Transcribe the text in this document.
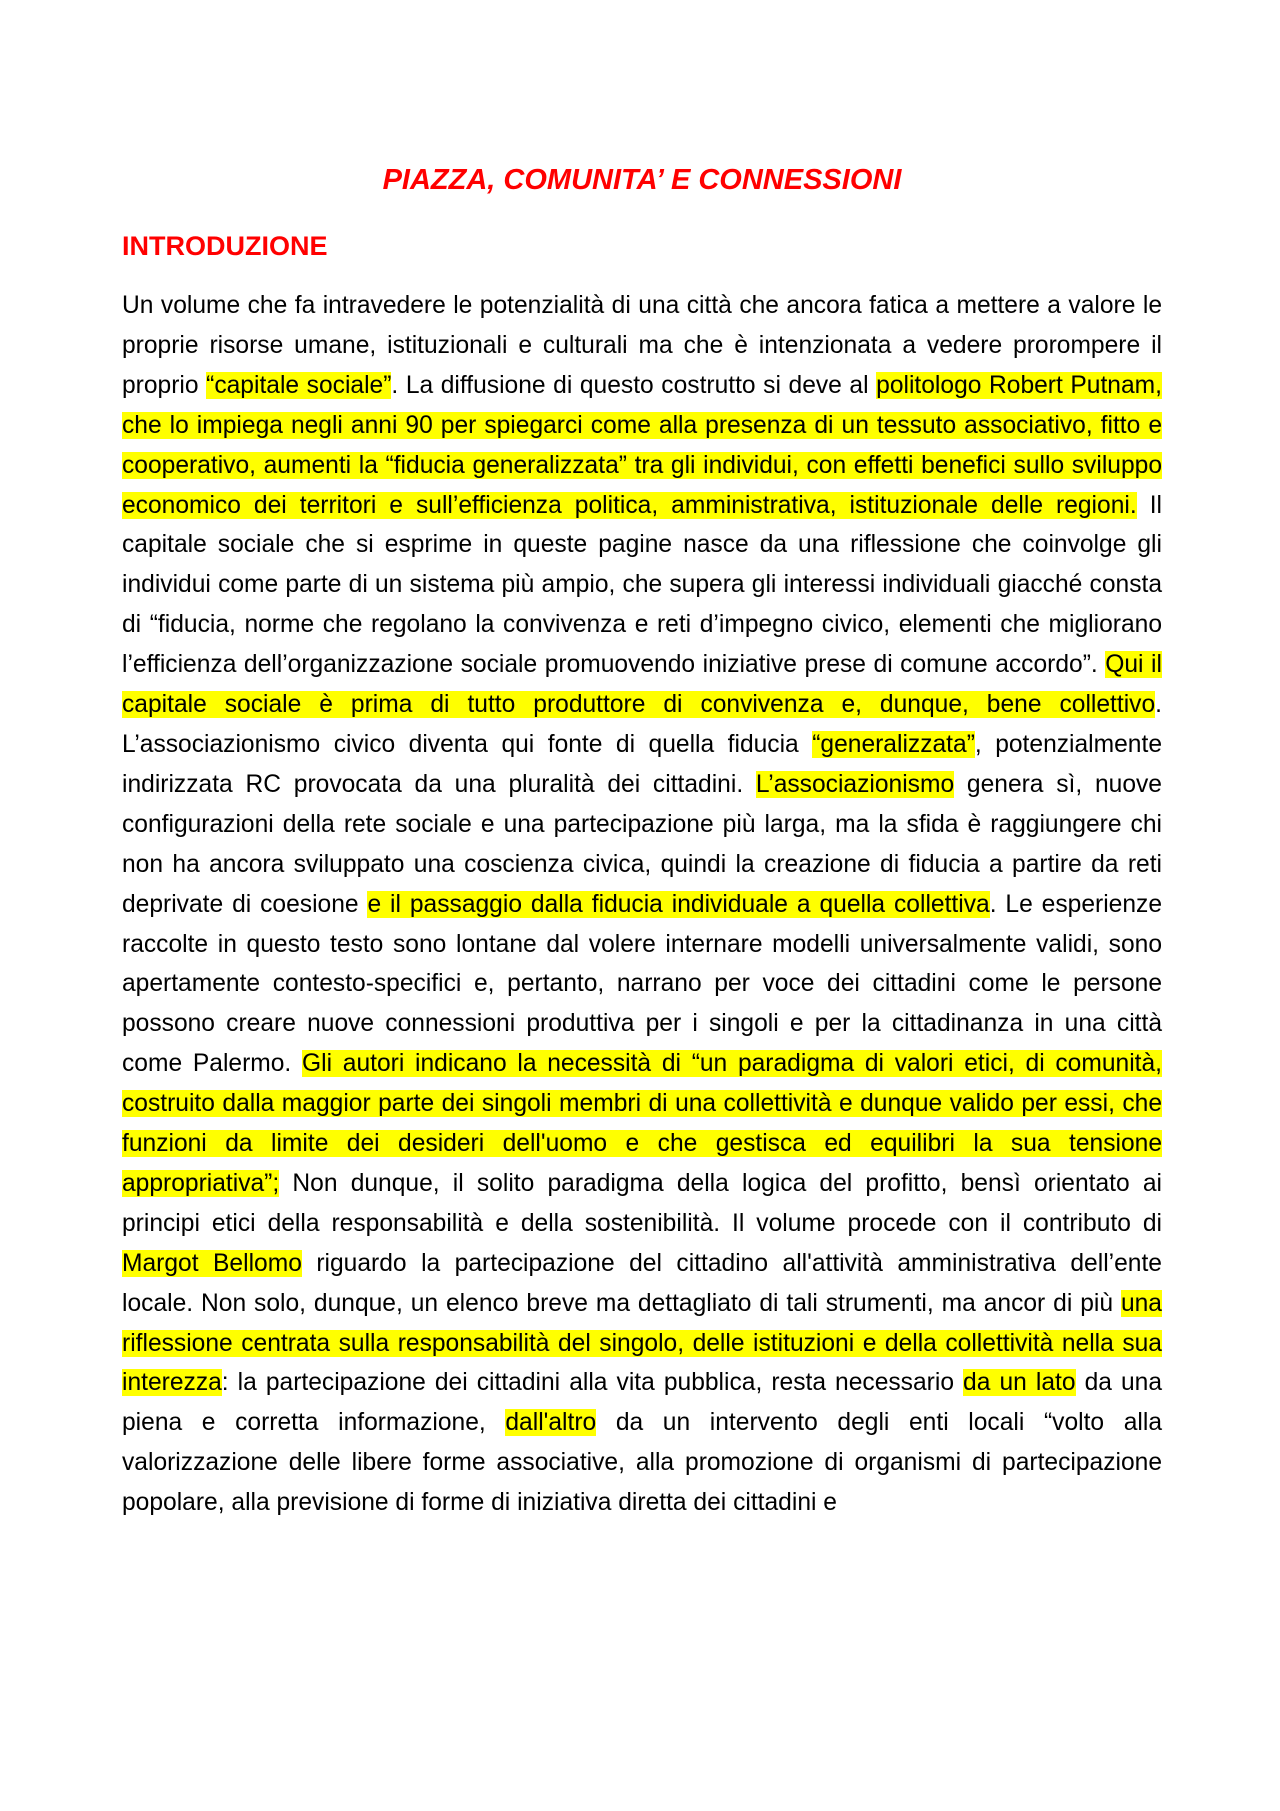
PIAZZA, COMUNITA’ E CONNESSIONI
INTRODUZIONE

Un volume che fa intravedere le potenzialità di una città che ancora fatica a mettere a valore le proprie risorse umane, istituzionali e culturali ma che è intenzionata a vedere prorompere il proprio “capitale sociale”. La diffusione di questo costrutto si deve al politologo Robert Putnam, che lo impiega negli anni 90 per spiegarci come alla presenza di un tessuto associativo, fitto e cooperativo, aumenti la “fiducia generalizzata” tra gli individui, con effetti benefici sullo sviluppo economico dei territori e sull’efficienza politica, amministrativa, istituzionale delle regioni. Il capitale sociale che si esprime in queste pagine nasce da una riflessione che coinvolge gli individui come parte di un sistema più ampio, che supera gli interessi individuali giacché consta di “fiducia, norme che regolano la convivenza e reti d’impegno civico, elementi che migliorano l’efficienza dell’organizzazione sociale promuovendo iniziative prese di comune accordo”. Qui il capitale sociale è prima di tutto produttore di convivenza e, dunque, bene collettivo. L’associazionismo civico diventa qui fonte di quella fiducia “generalizzata”, potenzialmente indirizzata RC provocata da una pluralità dei cittadini. L’associazionismo genera sì, nuove configurazioni della rete sociale e una partecipazione più larga, ma la sfida è raggiungere chi non ha ancora sviluppato una coscienza civica, quindi la creazione di fiducia a partire da reti deprivate di coesione e il passaggio dalla fiducia individuale a quella collettiva. Le esperienze raccolte in questo testo sono lontane dal volere internare modelli universalmente validi, sono apertamente contesto-specifici e, pertanto, narrano per voce dei cittadini come le persone possono creare nuove connessioni produttiva per i singoli e per la cittadinanza in una città come Palermo. Gli autori indicano la necessità di “un paradigma di valori etici, di comunità, costruito dalla maggior parte dei singoli membri di una collettività e dunque valido per essi, che funzioni da limite dei desideri dell'uomo e che gestisca ed equilibri la sua tensione appropriativa”; Non dunque, il solito paradigma della logica del profitto, bensì orientato ai principi etici della responsabilità e della sostenibilità. Il volume procede con il contributo di Margot Bellomo riguardo la partecipazione del cittadino all'attività amministrativa dell’ente locale. Non solo, dunque, un elenco breve ma dettagliato di tali strumenti, ma ancor di più una riflessione centrata sulla responsabilità del singolo, delle istituzioni e della collettività nella sua interezza: la partecipazione dei cittadini alla vita pubblica, resta necessario da un lato da una piena e corretta informazione, dall'altro da un intervento degli enti locali “volto alla valorizzazione delle libere forme associative, alla promozione di organismi di partecipazione popolare, alla previsione di forme di iniziativa diretta dei cittadini e
